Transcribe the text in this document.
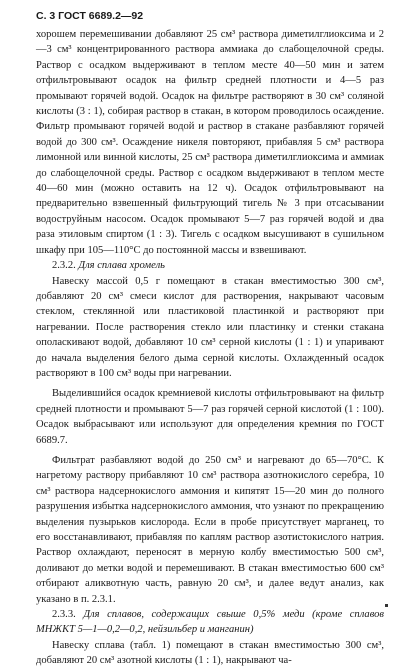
С. 3 ГОСТ 6689.2—92

хорошем перемешивании добавляют 25 см³ раствора диметилглиоксима и 2—3 см³ концентрированного раствора аммиака до слабощелочной среды. Раствор с осадком выдерживают в теплом месте 40—50 мин и затем отфильтровывают осадок на фильтр средней плотности и 4—5 раз промывают горячей водой. Осадок на фильтре растворяют в 30 см³ соляной кислоты (3 : 1), собирая раствор в стакан, в котором проводилось осаждение. Фильтр промывают горячей водой и раствор в стакане разбавляют горячей водой до 300 см³. Осаждение никеля повторяют, прибавляя 5 см³ раствора лимонной или винной кислоты, 25 см³ раствора диметилглиоксима и аммиак до слабощелочной среды. Раствор с осадком выдерживают в теплом месте 40—60 мин (можно оставить на 12 ч). Осадок отфильтровывают на предварительно взвешенный фильтрующий тигель № 3 при отсасывании водоструйным насосом. Осадок промывают 5—7 раз горячей водой и два раза этиловым спиртом (1 : 3). Тигель с осадком высушивают в сушильном шкафу при 105—110°С до постоянной массы и взвешивают.

2.3.2. Для сплава хромель

Навеску массой 0,5 г помещают в стакан вместимостью 300 см³, добавляют 20 см³ смеси кислот для растворения, накрывают часовым стеклом, стеклянной или пластиковой пластинкой и растворяют при нагревании. После растворения стекло или пластинку и стенки стакана ополаскивают водой, добавляют 10 см³ серной кислоты (1 : 1) и упаривают до начала выделения белого дыма серной кислоты. Охлажденный осадок растворяют в 100 см³ воды при нагревании.

Выделившийся осадок кремниевой кислоты отфильтровывают на фильтр средней плотности и промывают 5—7 раз горячей серной кислотой (1 : 100). Осадок выбрасывают или используют для определения кремния по ГОСТ 6689.7.

Фильтрат разбавляют водой до 250 см³ и нагревают до 65—70°С. К нагретому раствору прибавляют 10 см³ раствора азотнокислого серебра, 10 см³ раствора надсернокислого аммония и кипятят 15—20 мин до полного разрушения избытка надсернокислого аммония, что узнают по прекращению выделения пузырьков кислорода. Если в пробе присутствует марганец, то его восстанавливают, прибавляя по каплям раствор азотистокислого натрия. Раствор охлаждают, переносят в мерную колбу вместимостью 500 см³, доливают до метки водой и перемешивают. В стакан вместимостью 600 см³ отбирают аликвотную часть, равную 20 см³, и далее ведут анализ, как указано в п. 2.3.1.

2.3.3. Для сплавов, содержащих свыше 0,5% меди (кроме сплавов МНЖКТ 5—1—0,2—0,2, нейзильбер и манганин)

Навеску сплава (табл. 1) помещают в стакан вместимостью 300 см³, добавляют 20 см³ азотной кислоты (1 : 1), накрывают ча-
